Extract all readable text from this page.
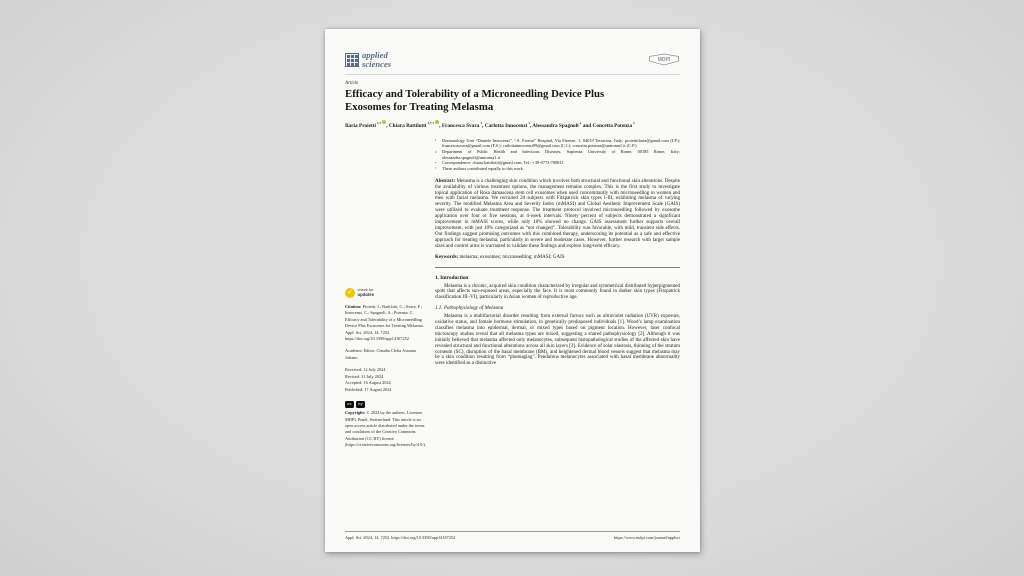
applied
sciences	MDPI
Article
Efficacy and Tolerability of a Microneedling Device Plus
Exosomes for Treating Melasma
Ilaria Proietti$^{1,\dagger}$ , Chiara Battilotti$^{1,*,\dagger}$ , Francesca Svara$^1$, Carlotta Innocenzi$^1$, Alessandra Spagnoli$^2$ and Concetta Potenza$^1$
✓	check for
updates

Citation: Proietti, I.; Battilotti, C.; Svara, F.; Innocenzi, C.; Spagnoli, A.; Potenza, C. Efficacy and Tolerability of a Microneedling Device Plus Exosomes for Treating Melasma. Appl. Sci. 2024, 14, 7252. https://doi.org/10.3390/app14167252

Academic Editor: Claudia Clelia Assunta Juliano

Received: 12 July 2024
Revised: 31 July 2024
Accepted: 16 August 2024
Published: 17 August 2024
cc	by

Copyright: © 2024 by the authors. Licensee MDPI, Basel, Switzerland. This article is an open access article distributed under the terms and conditions of the Creative Commons Attribution (CC BY) license (https://creativecommons.org/licenses/by/4.0/).

1	Dermatology Unit “Daniele Innocenzi”, “A. Fiorini” Hospital, Via Firenze, 1, 04019 Terracina, Italy; proiettiilaria@gmail.com (I.P.); francescasvara@gmail.com (F.S.); carlottainnocenzi99@gmail.com (C.I.); concetta.potenza@uniroma1.it (C.P.)
2	Department of Public Health and Infectious Diseases, Sapienza University of Rome, 00185 Rome, Italy; alessandra.spagnoli@uniroma1.it
*	Correspondence: chiara.battilotti@gmail.com; Tel.: +39-0773-708811
†	These authors contributed equally to this work.

Abstract: Melasma is a challenging skin condition which involves both structural and functional skin alterations. Despite the availability of various treatment options, the management remains complex. This is the first study to investigate topical application of Rosa damascena stem cell exosomes when used concomitantly with microneedling in women and men with facial melasma. We recruited 20 subjects with Fitzpatrick skin types I-III, exhibiting melasma of varying severity. The modified Melasma Area and Severity Index (mMASI) and Global Aesthetic Improvement Scale (GAIS) were utilized to evaluate treatment response. The treatment protocol involved microneedling followed by exosome application over four or five sessions, at 4-week intervals. Ninety percent of subjects demonstrated a significant improvement in mMASI scores, while only 10% showed no change. GAIS assessment further supports overall improvement, with just 10% categorized as “not changed”. Tolerability was favorable, with mild, transient side effects. Our findings suggest promising outcomes with this combined therapy, underscoring its potential as a safe and effective approach for treating melasma, particularly in severe and moderate cases. However, further research with larger sample sizes and control arms is warranted to validate these findings and explore long-term efficacy.

Keywords: melasma; exosomes; microneedling; mMASI; GAIS

1. Introduction

Melasma is a chronic, acquired skin condition characterized by irregular and symmetrical distributed hyperpigmented spots that affects sun-exposed areas, especially the face. It is most commonly found in darker skin types (Fitzpatrick classification III–VI), particularly in Asian women of reproductive age.

1.1. Pathophysiology of Melasma

Melasma is a multifactorial disorder resulting from external factors such as ultraviolet radiation (UVR) exposure, oxidative status, and female hormone stimulation, in genetically predisposed individuals [1]. Wood’s lamp examination classifies melasma into epidermal, dermal, or mixed types based on pigment location. However, laser confocal microscopy studies reveal that all melasma types are mixed, suggesting a shared pathophysiology [2]. Although it was initially believed that melasma affected only melanocytes, subsequent histopathological studies of the affected skin have revealed structural and functional alterations across all skin layers [3]. Evidence of solar elastosis, thinning of the stratum corneum (SC), disruption of the basal membrane (BM), and heightened dermal blood vessels suggest that melasma may be a skin condition resulting from “photoaging”. Pendulous melanocytes associated with basal membrane abnormality were identified as a distinctive

Appl. Sci. 2024, 14, 7252. https://doi.org/10.3390/app14167252	https://www.mdpi.com/journal/applsci
